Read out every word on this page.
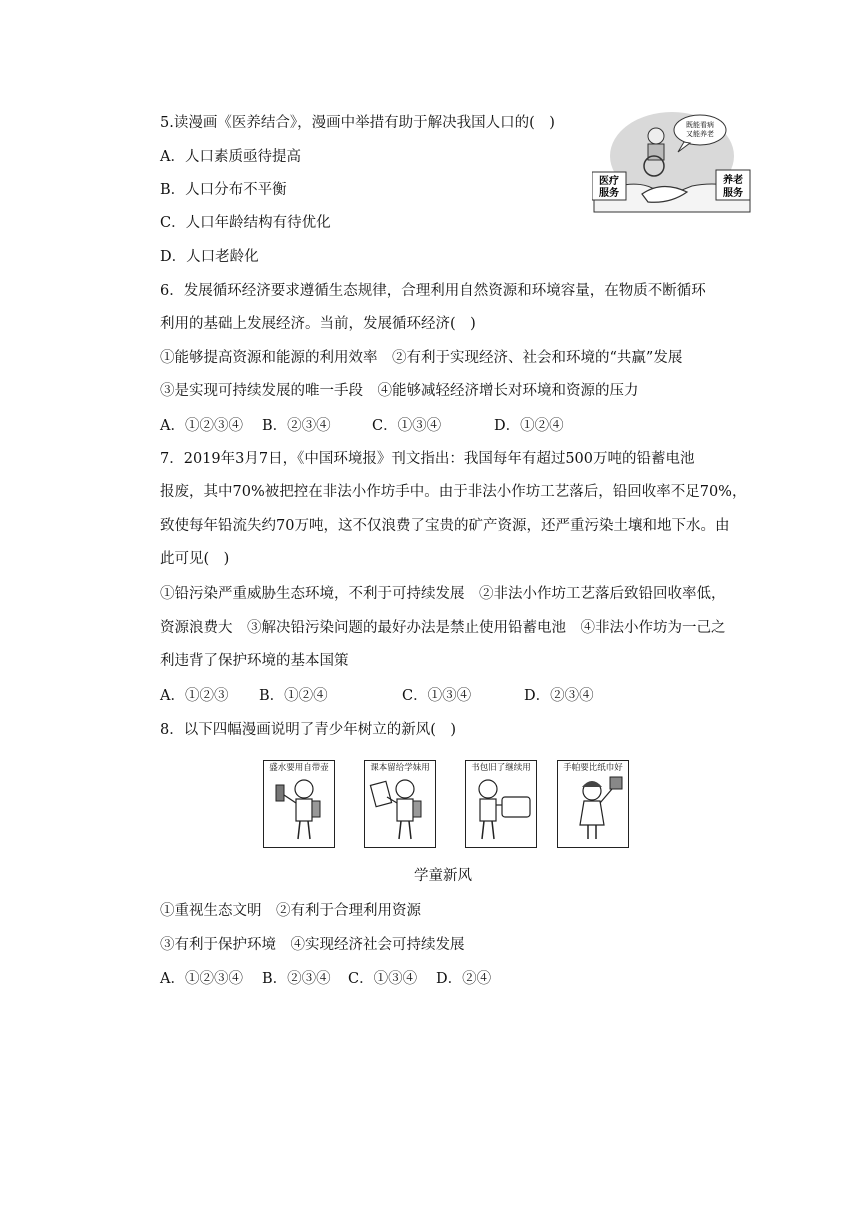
5.读漫画《医养结合》，漫画中举措有助于解决我国人口的(　)
A．人口素质亟待提高
B．人口分布不平衡
C．人口年龄结构有待优化
D．人口老龄化
既能看病
又能养老
医疗
服务
养老
服务
6．发展循环经济要求遵循生态规律，合理利用自然资源和环境容量，在物质不断循环
利用的基础上发展经济。当前，发展循环经济(　)
①能够提高资源和能源的利用效率　②有利于实现经济、社会和环境的“共赢”发展
③是实现可持续发展的唯一手段　④能够减轻经济增长对环境和资源的压力
A．①②③④ B．②③④	C．①③④	D．①②④
7．2019年3月7日，《中国环境报》刊文指出：我国每年有超过500万吨的铅蓄电池
报废，其中70%被把控在非法小作坊手中。由于非法小作坊工艺落后，铅回收率不足70%，
致使每年铅流失约70万吨，这不仅浪费了宝贵的矿产资源，还严重污染土壤和地下水。由
此可见(　)
①铅污染严重威胁生态环境，不利于可持续发展　②非法小作坊工艺落后致铅回收率低，
资源浪费大　③解决铅污染问题的最好办法是禁止使用铅蓄电池　④非法小作坊为一己之
利违背了保护环境的基本国策
A．①②③ B．①②④	C．①③④	D．②③④
8．以下四幅漫画说明了青少年树立的新风(　)
盛水要用自带壶	课本留给学妹用	书包旧了继续用	手帕要比纸巾好
学童新风
①重视生态文明　②有利于合理利用资源
③有利于保护环境　④实现经济社会可持续发展
A．①②③④ B．②③④ C．①③④ D．②④
